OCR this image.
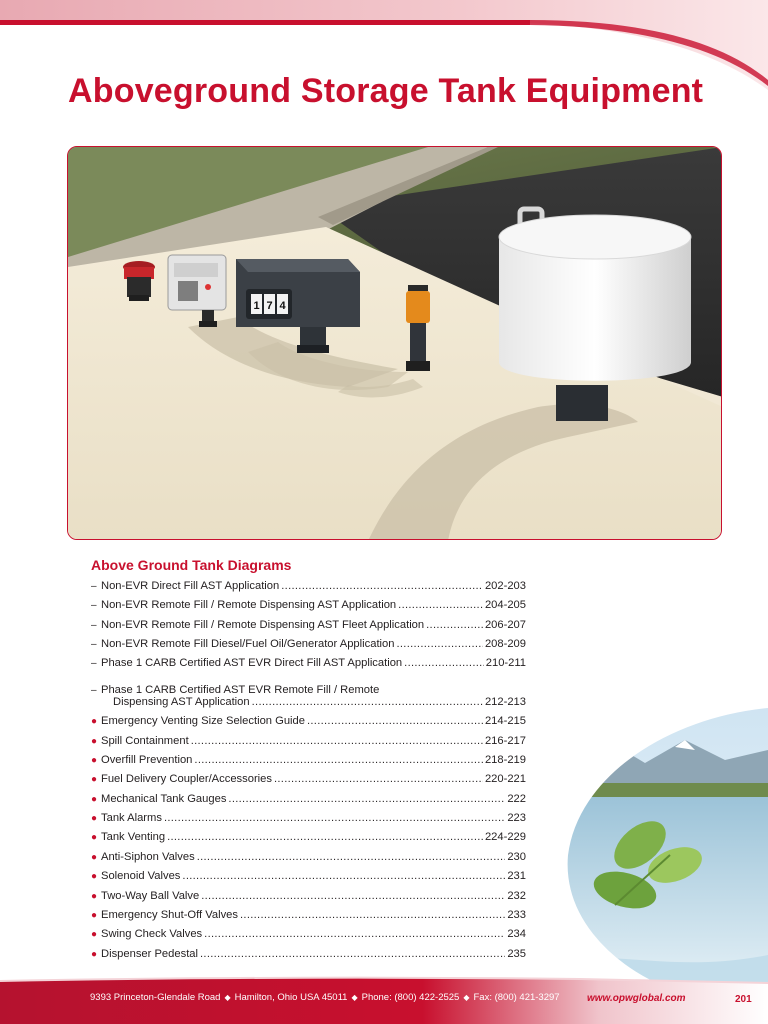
Aboveground Storage Tank Equipment
1 7 4
Above Ground Tank Diagrams
– Non-EVR Direct Fill AST Application .....	202-203
– Non-EVR Remote Fill / Remote Dispensing AST Application .....	204-205
– Non-EVR Remote Fill / Remote Dispensing AST Fleet Application .....	206-207
– Non-EVR Remote Fill Diesel/Fuel Oil/Generator Application .....	208-209
– Phase 1 CARB Certified AST EVR Direct Fill AST Application .....	210-211
– Phase 1 CARB Certified AST EVR Remote Fill / Remote
Dispensing AST Application .....	212-213
● Emergency Venting Size Selection Guide .....	214-215
● Spill Containment .....	216-217
● Overfill Prevention .....	218-219
● Fuel Delivery Coupler/Accessories .....	220-221
● Mechanical Tank Gauges .....	222
● Tank Alarms .....	223
● Tank Venting .....	224-229
● Anti-Siphon Valves .....	230
● Solenoid Valves .....	231
● Two-Way Ball Valve .....	232
● Emergency Shut-Off Valves .....	233
● Swing Check Valves .....	234
● Dispenser Pedestal .....	235

9393 Princeton-Glendale Road ◆ Hamilton, Ohio USA 45011 ◆ Phone: (800) 422-2525 ◆ Fax: (800) 421-3297	www.opwglobal.com	201
